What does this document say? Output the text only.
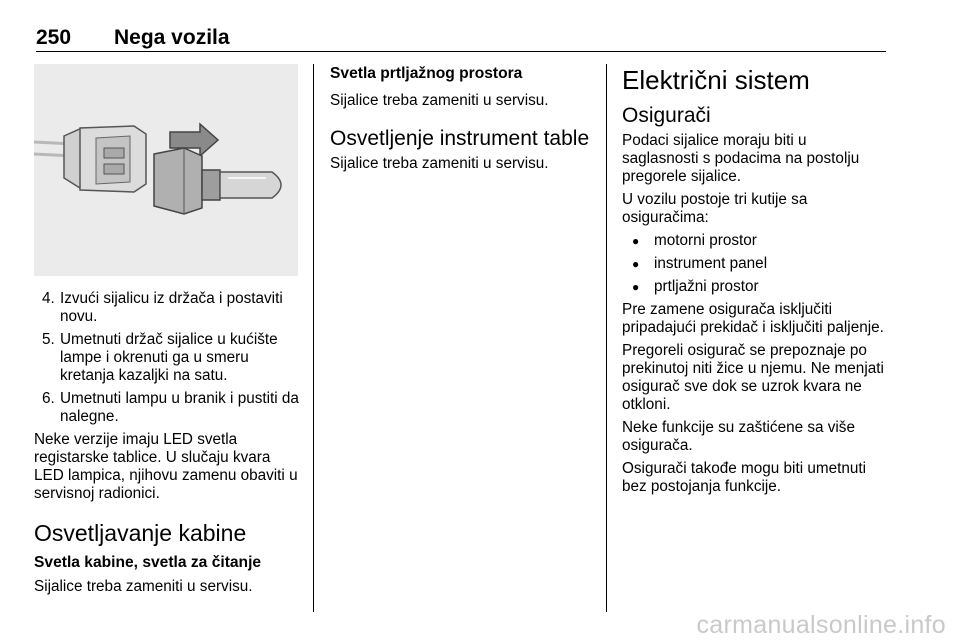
250 Nega vozila
4. Izvući sijalicu iz držača i postaviti novu.
5. Umetnuti držač sijalice u kućište lampe i okrenuti ga u smeru kretanja kazaljki na satu.
6. Umetnuti lampu u branik i pustiti da nalegne.

Neke verzije imaju LED svetla registarske tablice. U slučaju kvara LED lampica, njihovu zamenu obaviti u servisnoj radionici.

Osvetljavanje kabine
Svetla kabine, svetla za čitanje

Sijalice treba zameniti u servisu.

Svetla prtljažnog prostora

Sijalice treba zameniti u servisu.

Osvetljenje instrument table

Sijalice treba zameniti u servisu.

Električni sistem
Osigurači

Podaci sijalice moraju biti u saglasnosti s podacima na postolju pregorele sijalice.

U vozilu postoje tri kutije sa osiguračima:

● motorni prostor
● instrument panel
● prtljažni prostor

Pre zamene osigurača isključiti pripadajući prekidač i isključiti paljenje.

Pregoreli osigurač se prepoznaje po prekinutoj niti žice u njemu. Ne menjati osigurač sve dok se uzrok kvara ne otkloni.

Neke funkcije su zaštićene sa više osigurača.

Osigurači takođe mogu biti umetnuti bez postojanja funkcije.

carmanualsonline.info
